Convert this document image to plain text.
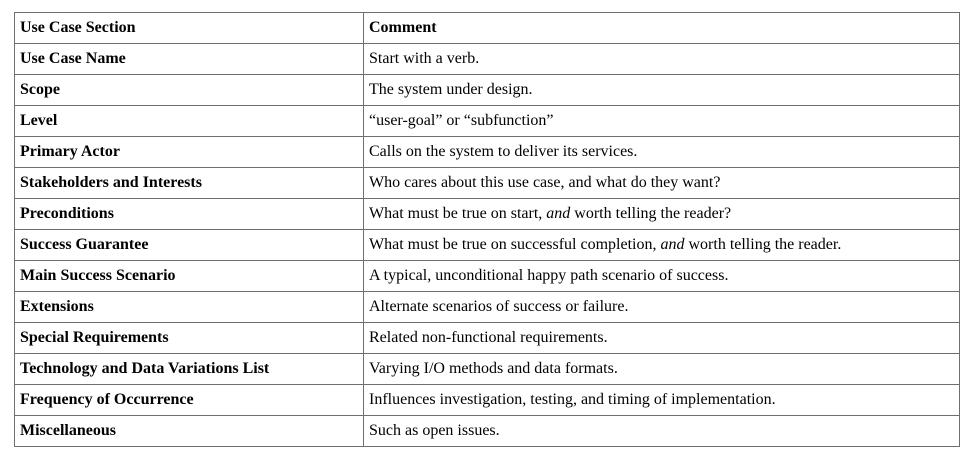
Use Case Section	Comment
Use Case Name	Start with a verb.
Scope	The system under design.
Level	“user-goal” or “subfunction”
Primary Actor	Calls on the system to deliver its services.
Stakeholders and Interests	Who cares about this use case, and what do they want?
Preconditions	What must be true on start, and worth telling the reader?
Success Guarantee	What must be true on successful completion, and worth telling the reader.
Main Success Scenario	A typical, unconditional happy path scenario of success.
Extensions	Alternate scenarios of success or failure.
Special Requirements	Related non-functional requirements.
Technology and Data Variations List	Varying I/O methods and data formats.
Frequency of Occurrence	Influences investigation, testing, and timing of implementation.
Miscellaneous	Such as open issues.
